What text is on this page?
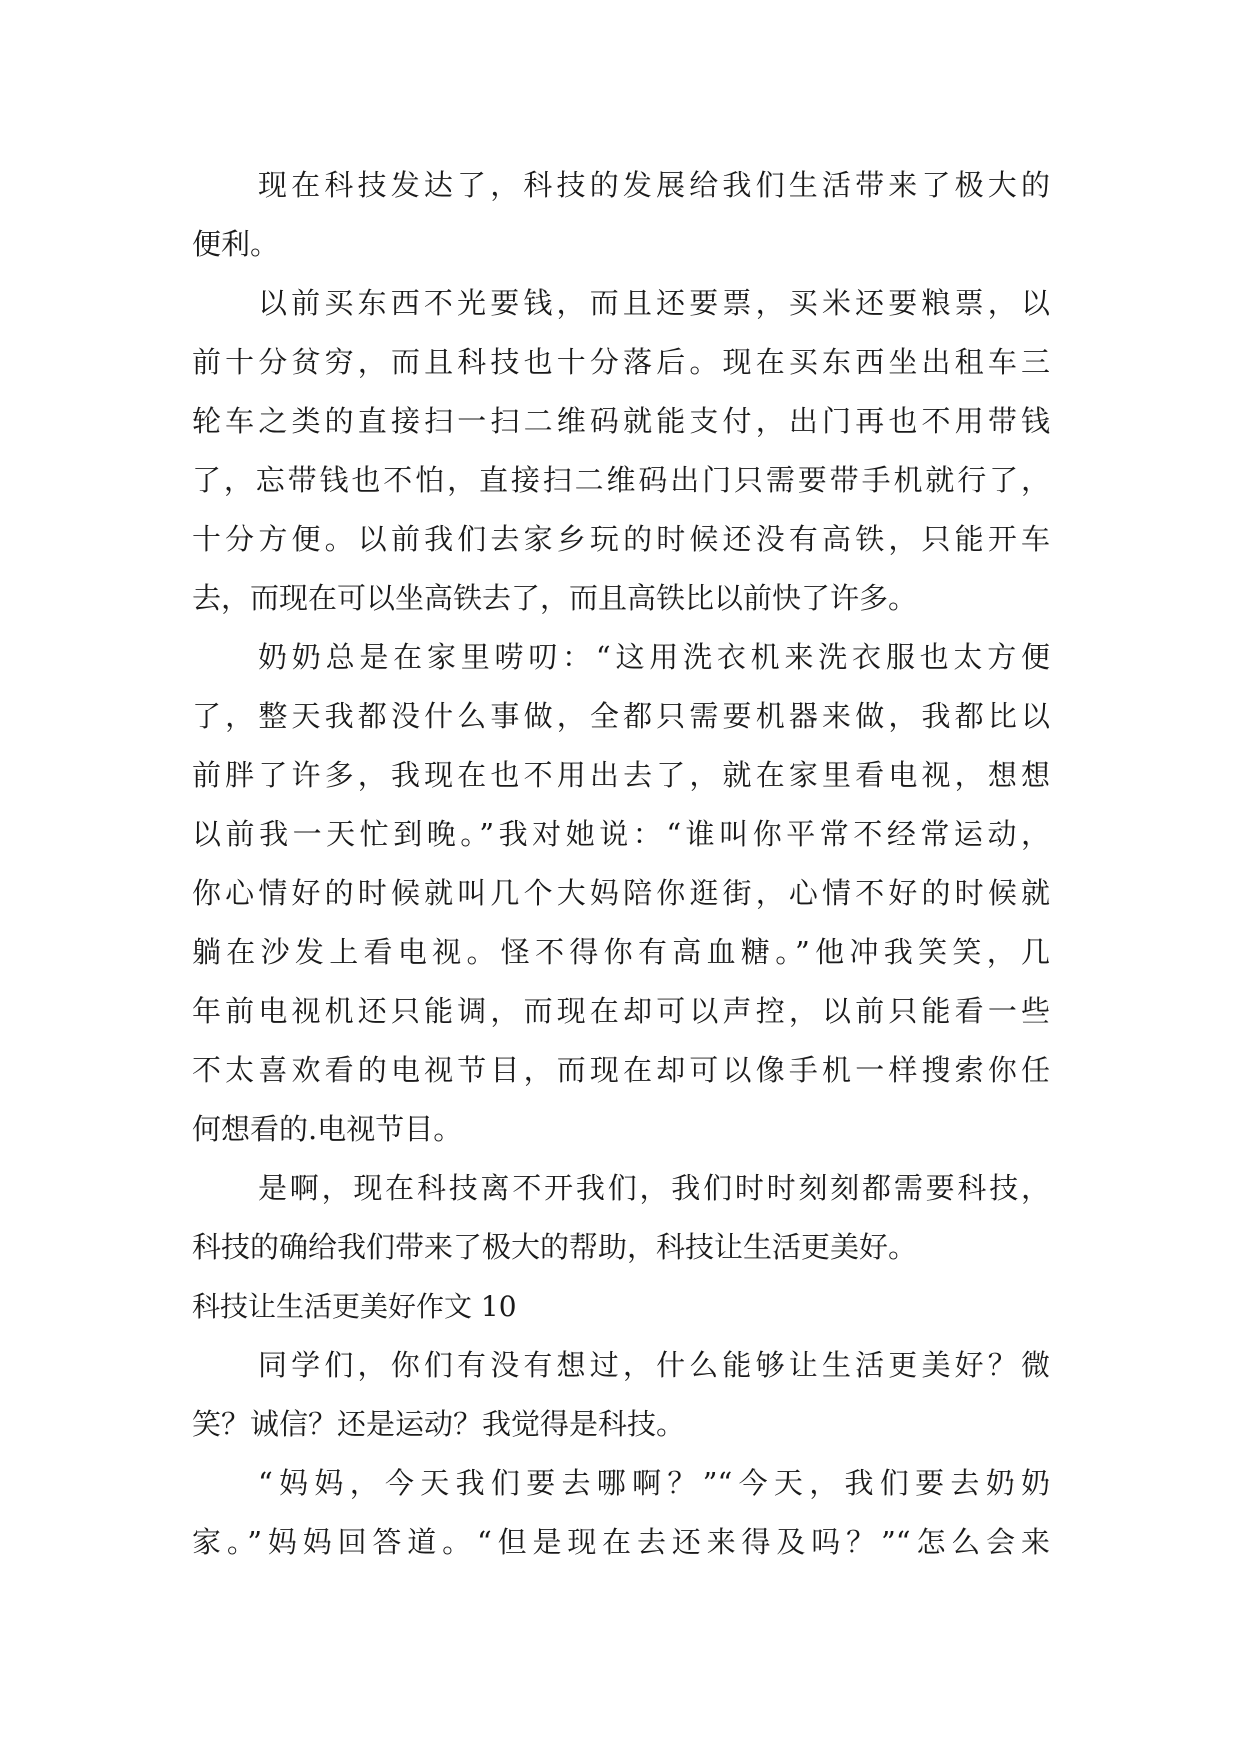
现在科技发达了，科技的发展给我们生活带来了极大的
便利。
以前买东西不光要钱，而且还要票，买米还要粮票，以
前十分贫穷，而且科技也十分落后。现在买东西坐出租车三
轮车之类的直接扫一扫二维码就能支付，出门再也不用带钱
了，忘带钱也不怕，直接扫二维码出门只需要带手机就行了，
十分方便。以前我们去家乡玩的时候还没有高铁，只能开车
去，而现在可以坐高铁去了，而且高铁比以前快了许多。
奶奶总是在家里唠叨：“这用洗衣机来洗衣服也太方便
了，整天我都没什么事做，全都只需要机器来做，我都比以
前胖了许多，我现在也不用出去了，就在家里看电视，想想
以前我一天忙到晚。”我对她说：“谁叫你平常不经常运动，
你心情好的时候就叫几个大妈陪你逛街，心情不好的时候就
躺在沙发上看电视。怪不得你有高血糖。”他冲我笑笑，几
年前电视机还只能调，而现在却可以声控，以前只能看一些
不太喜欢看的电视节目，而现在却可以像手机一样搜索你任
何想看的.电视节目。
是啊，现在科技离不开我们，我们时时刻刻都需要科技，
科技的确给我们带来了极大的帮助，科技让生活更美好。
科技让生活更美好作文 10
同学们，你们有没有想过，什么能够让生活更美好？微
笑？诚信？还是运动？我觉得是科技。
“妈妈，今天我们要去哪啊？”“今天，我们要去奶奶
家。”妈妈回答道。“但是现在去还来得及吗？”“怎么会来
